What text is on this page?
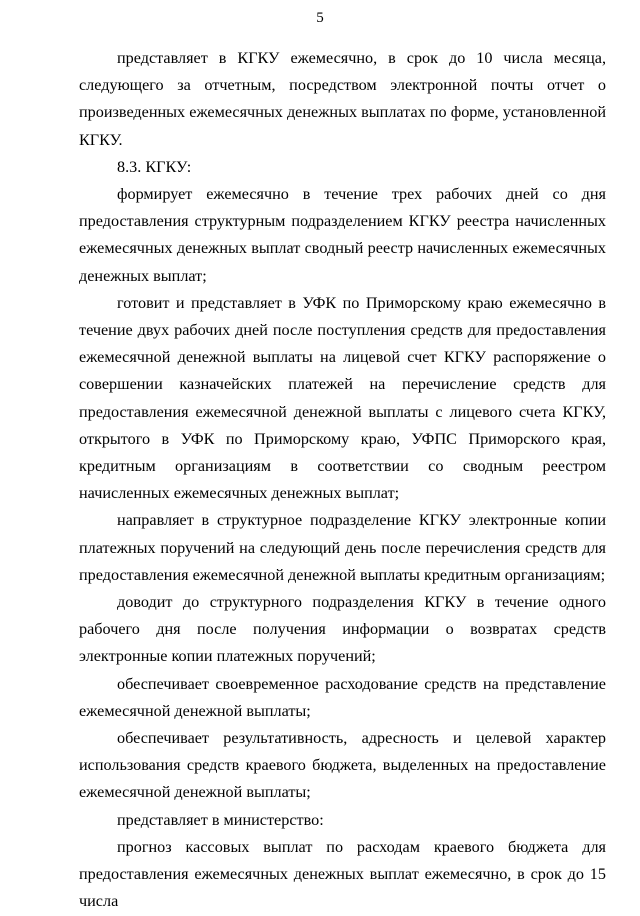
5

представляет в КГКУ ежемесячно, в срок до 10 числа месяца, следующего за отчетным, посредством электронной почты отчет о произведенных ежемесячных денежных выплатах по форме, установленной КГКУ.

8.3. КГКУ:

формирует ежемесячно в течение трех рабочих дней со дня предоставления структурным подразделением КГКУ реестра начисленных ежемесячных денежных выплат сводный реестр начисленных ежемесячных денежных выплат;

готовит и представляет в УФК по Приморскому краю ежемесячно в течение двух рабочих дней после поступления средств для предоставления ежемесячной денежной выплаты на лицевой счет КГКУ распоряжение о совершении казначейских платежей на перечисление средств для предоставления ежемесячной денежной выплаты с лицевого счета КГКУ, открытого в УФК по Приморскому краю, УФПС Приморского края, кредитным организациям в соответствии со сводным реестром начисленных ежемесячных денежных выплат;

направляет в структурное подразделение КГКУ электронные копии платежных поручений на следующий день после перечисления средств для предоставления ежемесячной денежной выплаты кредитным организациям;

доводит до структурного подразделения КГКУ в течение одного рабочего дня после получения информации о возвратах средств электронные копии платежных поручений;

обеспечивает своевременное расходование средств на представление ежемесячной денежной выплаты;

обеспечивает результативность, адресность и целевой характер использования средств краевого бюджета, выделенных на предоставление ежемесячной денежной выплаты;

представляет в министерство:

прогноз кассовых выплат по расходам краевого бюджета для предоставления ежемесячных денежных выплат ежемесячно, в срок до 15 числа
